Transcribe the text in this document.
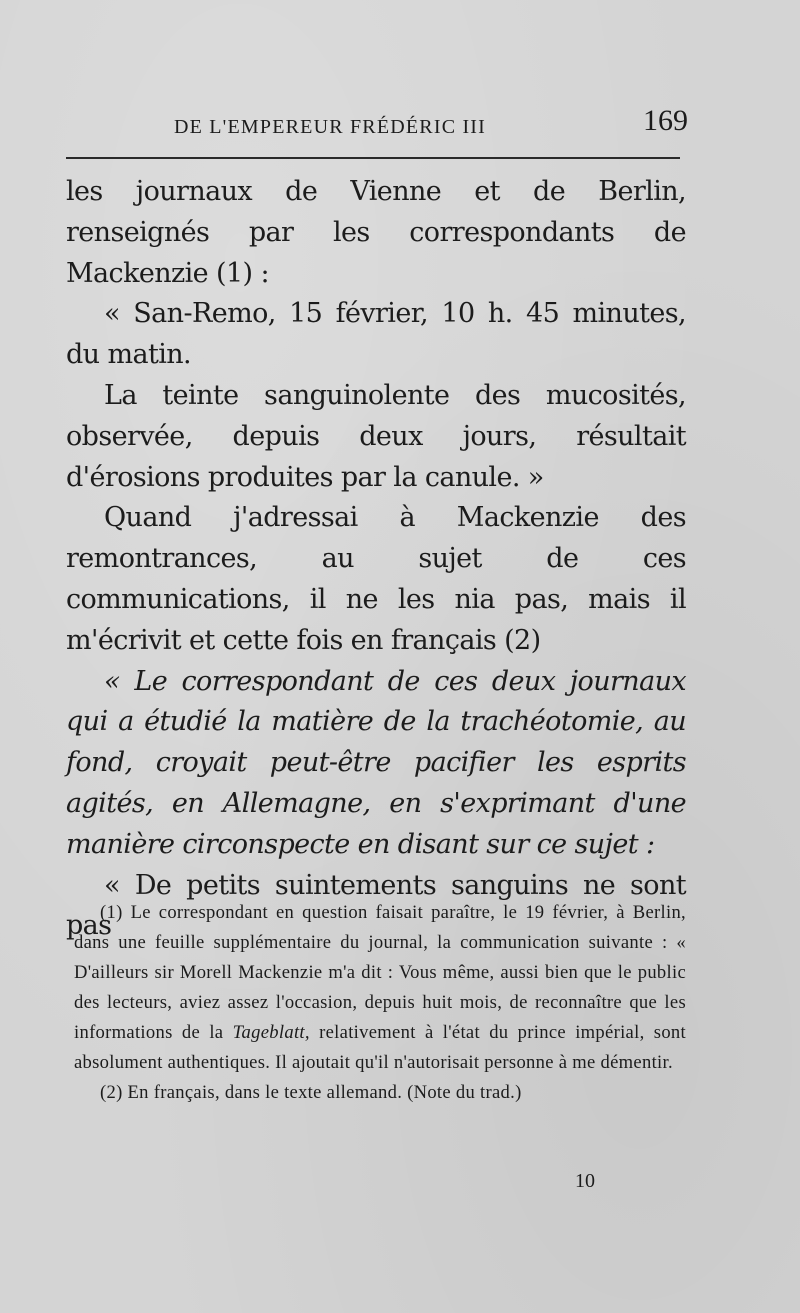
DE L'EMPEREUR FRÉDÉRIC III	169

les journaux de Vienne et de Berlin, renseignés par les correspondants de Mackenzie (1) :

« San-Remo, 15 février, 10 h. 45 minutes, du matin.

La teinte sanguinolente des mucosités, observée, depuis deux jours, résultait d'érosions produites par la canule. »

Quand j'adressai à Mackenzie des remontrances, au sujet de ces communications, il ne les nia pas, mais il m'écrivit et cette fois en français (2)

« Le correspondant de ces deux journaux qui a étudié la matière de la trachéotomie, au fond, croyait peut-être pacifier les esprits agités, en Allemagne, en s'exprimant d'une manière circonspecte en disant sur ce sujet :

« De petits suintements sanguins ne sont pas

(1) Le correspondant en question faisait paraître, le 19 février, à Berlin, dans une feuille supplémentaire du journal, la communication suivante : « D'ailleurs sir Morell Mackenzie m'a dit : Vous même, aussi bien que le public des lecteurs, aviez assez l'occasion, depuis huit mois, de reconnaître que les informations de la Tageblatt, relativement à l'état du prince impérial, sont absolument authentiques. Il ajoutait qu'il n'autorisait personne à me démentir.

(2) En français, dans le texte allemand. (Note du trad.)

10
